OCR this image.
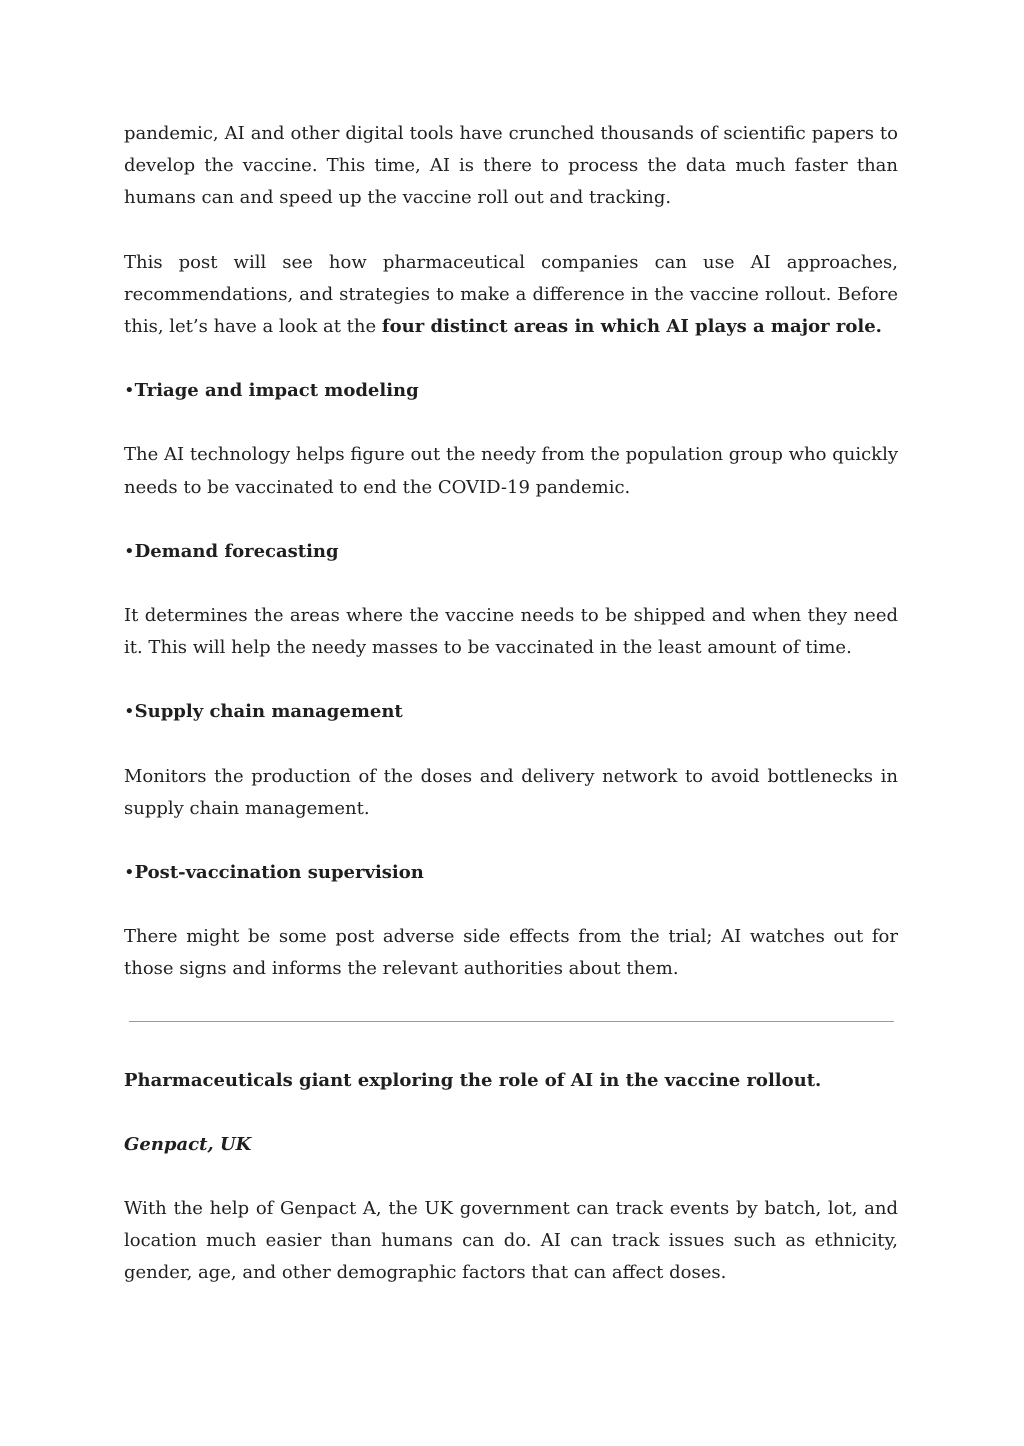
pandemic, AI and other digital tools have crunched thousands of scientific papers to develop the vaccine. This time, AI is there to process the data much faster than humans can and speed up the vaccine roll out and tracking.

This post will see how pharmaceutical companies can use AI approaches, recommendations, and strategies to make a difference in the vaccine rollout. Before this, let’s have a look at the four distinct areas in which AI plays a major role.

•Triage and impact modeling

The AI technology helps figure out the needy from the population group who quickly needs to be vaccinated to end the COVID-19 pandemic.

•Demand forecasting

It determines the areas where the vaccine needs to be shipped and when they need it. This will help the needy masses to be vaccinated in the least amount of time.

•Supply chain management

Monitors the production of the doses and delivery network to avoid bottlenecks in supply chain management.

•Post-vaccination supervision

There might be some post adverse side effects from the trial; AI watches out for those signs and informs the relevant authorities about them.

Pharmaceuticals giant exploring the role of AI in the vaccine rollout.
Genpact, UK

With the help of Genpact A, the UK government can track events by batch, lot, and location much easier than humans can do. AI can track issues such as ethnicity, gender, age, and other demographic factors that can affect doses.
